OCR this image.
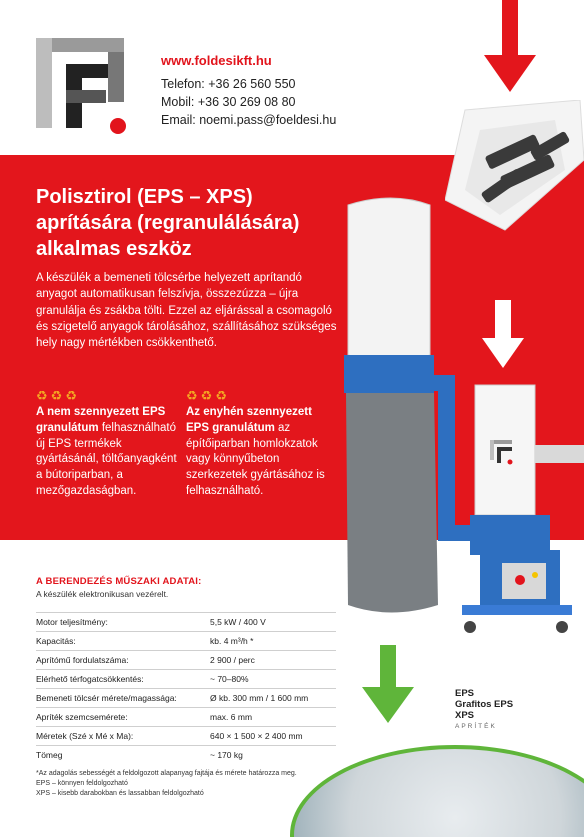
www.foldesikft.hu
Telefon: +36 26 560 550
Mobil: +36 30 269 08 80
Email: noemi.pass@foeldesi.hu
Polisztirol (EPS – XPS) aprítására (regranulálására) alkalmas eszköz
A készülék a bemeneti tölcsérbe helyezett aprítandó anyagot automatikusan felszívja, összezúzza – újra granulálja és zsákba tölti. Ezzel az eljárással a csomagoló és szigetelő anyagok tárolásához, szállításához szükséges hely nagy mértékben csökkenthető.
♻ ♻ ♻	♻ ♻ ♻
A nem szennyezett EPS granulátum felhasználható új EPS termékek gyártásánál, töltőanyagként a bútoriparban, a mezőgazdaságban.
Az enyhén szennyezett EPS granulátum az építőiparban homlokzatok vagy könnyűbeton szerkezetek gyártásához is felhasználható.
A BERENDEZÉS MŰSZAKI ADATAI:
A készülék elektronikusan vezérelt.
Motor teljesítmény:	5,5 kW / 400 V
Kapacitás:	kb. 4 m³/h *
Aprítómű fordulatszáma:	2 900 / perc
Elérhető térfogatcsökkentés:	~ 70–80%
Bemeneti tölcsér mérete/magassága:	Ø kb. 300 mm / 1 600 mm
Apríték szemcsemérete:	max. 6 mm
Méretek (Szé x Mé x Ma):	640 × 1 500 × 2 400 mm
Tömeg	~ 170 kg
*Az adagolás sebességét a feldolgozott alapanyag fajtája és mérete határozza meg.
EPS – könnyen feldolgozható
XPS – kisebb darabokban és lassabban feldolgozható
EPS
Grafitos EPS
XPS
APRÍTÉK
